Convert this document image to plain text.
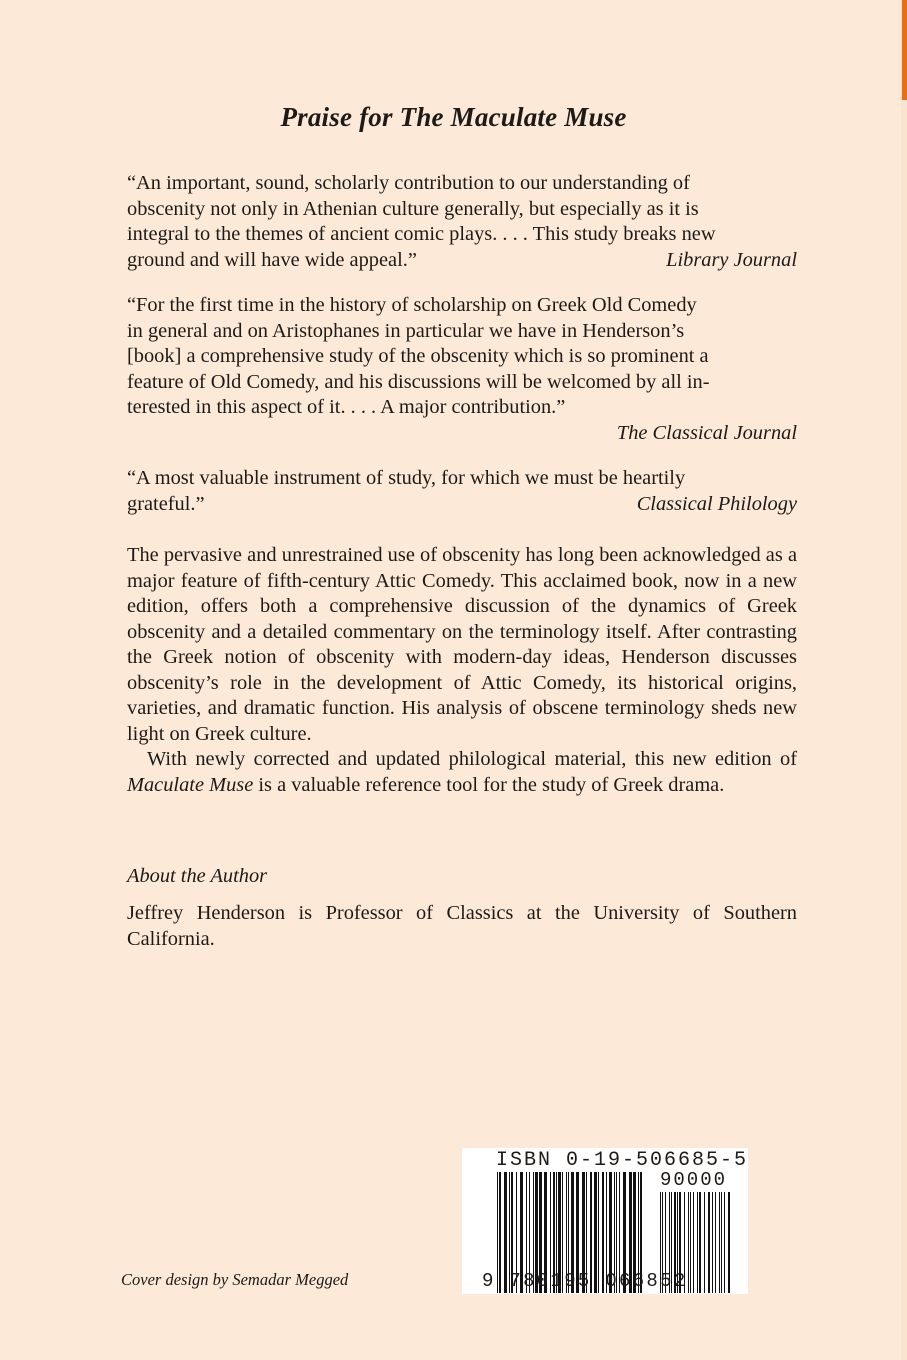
Praise for The Maculate Muse

“An important, sound, scholarly contribution to our understanding of

obscenity not only in Athenian culture generally, but especially as it is

integral to the themes of ancient comic plays. . . . This study breaks new

Library Journal
ground and will have wide appeal.”

“For the first time in the history of scholarship on Greek Old Comedy

in general and on Aristophanes in particular we have in Henderson’s

[book] a comprehensive study of the obscenity which is so prominent a

feature of Old Comedy, and his discussions will be welcomed by all in-

terested in this aspect of it. . . . A major contribution.”

The Classical Journal

“A most valuable instrument of study, for which we must be heartily

Classical Philology
grateful.”

The pervasive and unrestrained use of obscenity has long been acknowledged as a major feature of fifth-century Attic Comedy. This acclaimed book, now in a new edition, offers both a comprehensive discussion of the dynamics of Greek obscenity and a detailed commentary on the terminology itself. After contrasting the Greek notion of obscenity with modern-day ideas, Henderson discusses obscenity’s role in the development of Attic Comedy, its historical origins, varieties, and dramatic function. His analysis of obscene terminology sheds new light on Greek culture.

With newly corrected and updated philological material, this new edition of Maculate Muse is a valuable reference tool for the study of Greek drama.

About the Author
Jeffrey Henderson is Professor of Classics at the University of Southern California.
Cover design by Semadar Megged
ISBN 0-19-506685-5
90000
9 780195 066852
